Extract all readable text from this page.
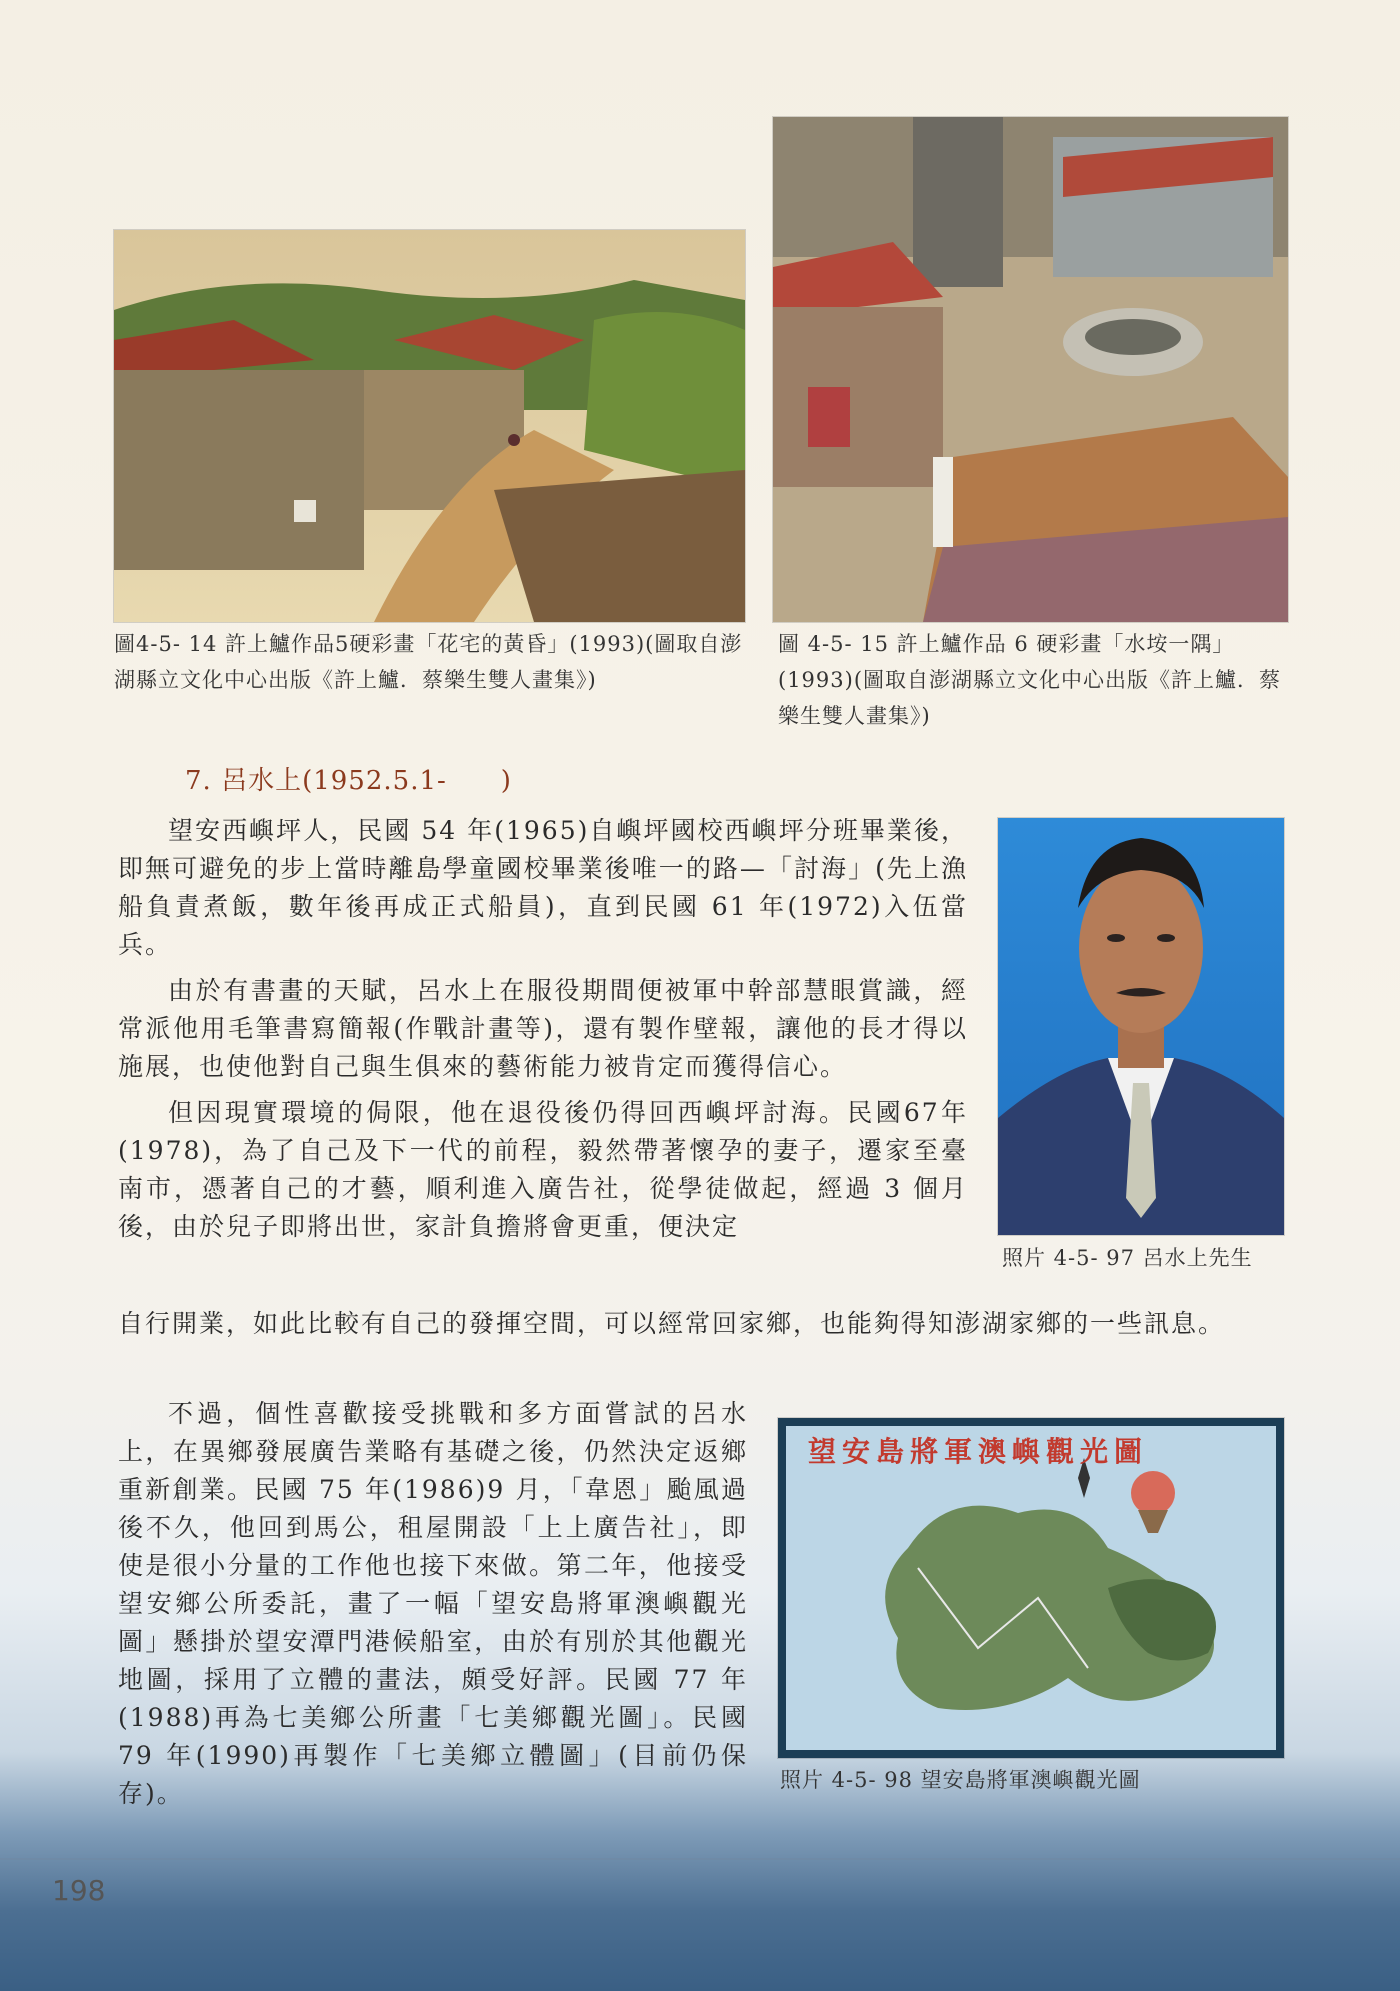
圖4-5- 14 許上鱸作品5硬彩畫「花宅的黃昏」(1993)(圖取自澎湖縣立文化中心出版《許上鱸．蔡樂生雙人畫集》)
圖 4-5- 15 許上鱸作品 6 硬彩畫「水垵一隅」(1993)(圖取自澎湖縣立文化中心出版《許上鱸．蔡樂生雙人畫集》)
7. 呂水上(1952.5.1-　　)
照片 4-5- 97 呂水上先生

望安西嶼坪人，民國 54 年(1965)自嶼坪國校西嶼坪分班畢業後，即無可避免的步上當時離島學童國校畢業後唯一的路—「討海」(先上漁船負責煮飯，數年後再成正式船員)，直到民國 61 年(1972)入伍當兵。

由於有書畫的天賦，呂水上在服役期間便被軍中幹部慧眼賞識，經常派他用毛筆書寫簡報(作戰計畫等)，還有製作壁報，讓他的長才得以施展，也使他對自己與生俱來的藝術能力被肯定而獲得信心。

但因現實環境的侷限，他在退役後仍得回西嶼坪討海。民國67年(1978)，為了自己及下一代的前程，毅然帶著懷孕的妻子，遷家至臺南市，憑著自己的才藝，順利進入廣告社，從學徒做起，經過 3 個月後，由於兒子即將出世，家計負擔將會更重，便決定

自行開業，如此比較有自己的發揮空間，可以經常回家鄉，也能夠得知澎湖家鄉的一些訊息。

不過，個性喜歡接受挑戰和多方面嘗試的呂水上，在異鄉發展廣告業略有基礎之後，仍然決定返鄉重新創業。民國 75 年(1986)9 月，「韋恩」颱風過後不久，他回到馬公，租屋開設「上上廣告社」，即使是很小分量的工作他也接下來做。第二年，他接受望安鄉公所委託，畫了一幅「望安島將軍澳嶼觀光圖」懸掛於望安潭門港候船室，由於有別於其他觀光地圖，採用了立體的畫法，頗受好評。民國 77 年(1988)再為七美鄉公所畫「七美鄉觀光圖」。民國 79 年(1990)再製作「七美鄉立體圖」(目前仍保存)。

望安島將軍澳嶼觀光圖
照片 4-5- 98 望安島將軍澳嶼觀光圖
198
